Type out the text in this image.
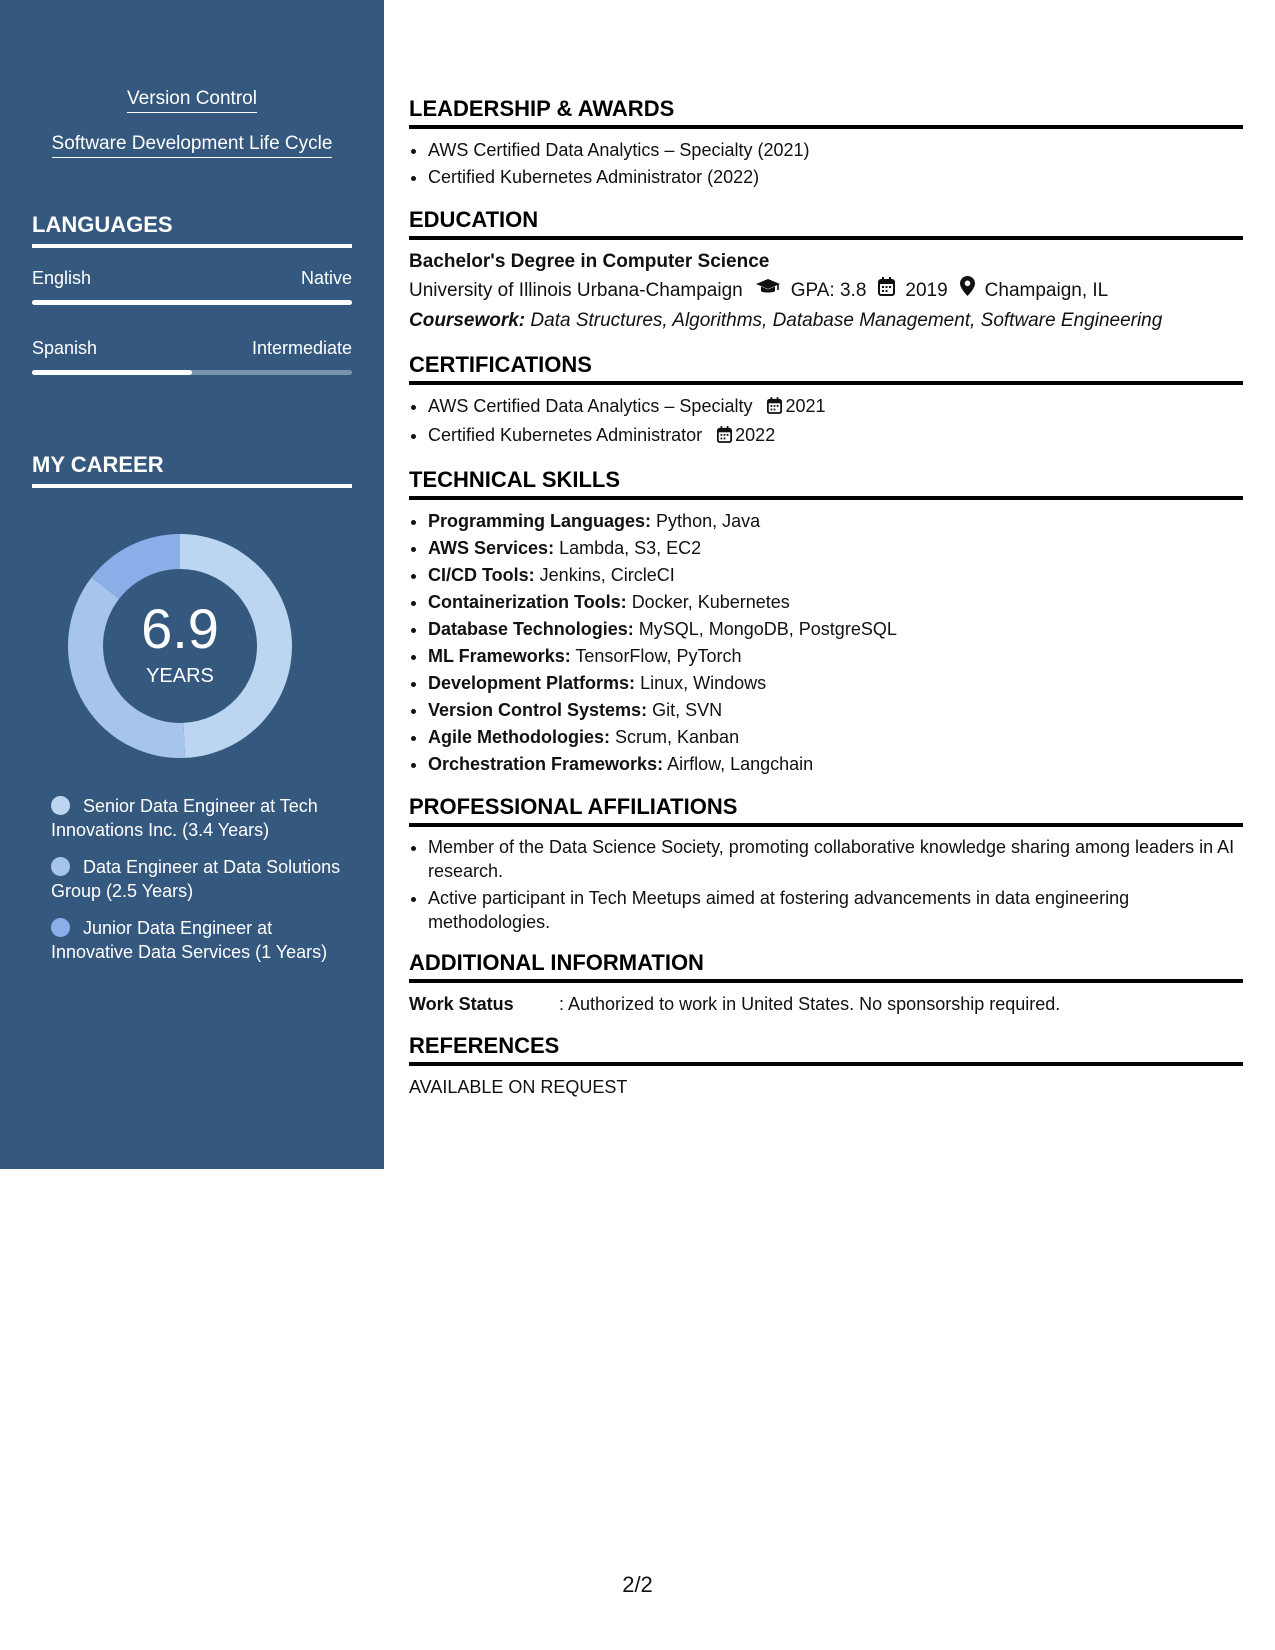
Version Control
Software Development Life Cycle
LANGUAGES
English	Native
Spanish	Intermediate
MY CAREER
6.9
YEARS
Senior Data Engineer at Tech Innovations Inc. (3.4 Years)
Data Engineer at Data Solutions Group (2.5 Years)
Junior Data Engineer at Innovative Data Services (1 Years)
LEADERSHIP & AWARDS
• AWS Certified Data Analytics – Specialty (2021)
• Certified Kubernetes Administrator (2022)
EDUCATION
Bachelor's Degree in Computer Science
University of Illinois Urbana-Champaign	GPA: 3.8 2019 Champaign, IL
Coursework: Data Structures, Algorithms, Database Management, Software Engineering
CERTIFICATIONS
• AWS Certified Data Analytics – Specialty 2021
• Certified Kubernetes Administrator 2022
TECHNICAL SKILLS
• Programming Languages: Python, Java
• AWS Services: Lambda, S3, EC2
• CI/CD Tools: Jenkins, CircleCI
• Containerization Tools: Docker, Kubernetes
• Database Technologies: MySQL, MongoDB, PostgreSQL
• ML Frameworks: TensorFlow, PyTorch
• Development Platforms: Linux, Windows
• Version Control Systems: Git, SVN
• Agile Methodologies: Scrum, Kanban
• Orchestration Frameworks: Airflow, Langchain
PROFESSIONAL AFFILIATIONS
• Member of the Data Science Society, promoting collaborative knowledge sharing among leaders in AI research.
• Active participant in Tech Meetups aimed at fostering advancements in data engineering methodologies.
ADDITIONAL INFORMATION
Work Status	: Authorized to work in United States. No sponsorship required.
REFERENCES
AVAILABLE ON REQUEST
2/2
